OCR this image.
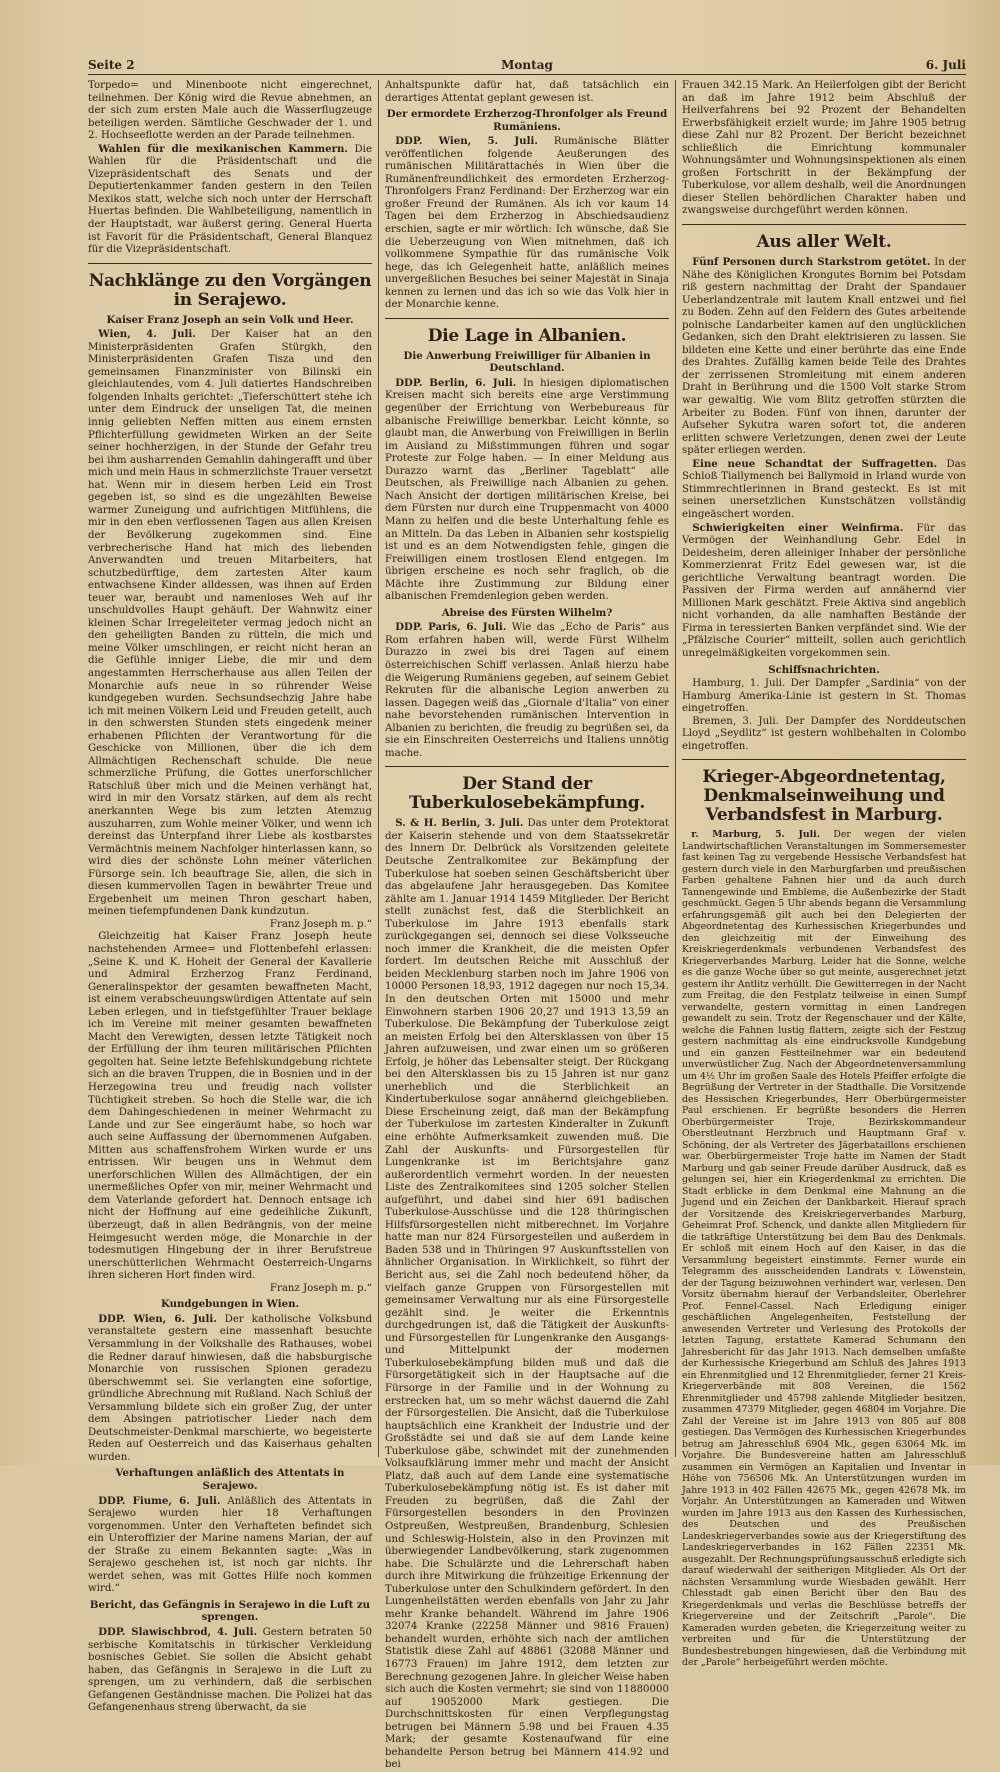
Seite 2	Montag	6. Juli

Torpedo= und Minenboote nicht eingerechnet, teilnehmen. Der König wird die Revue abnehmen, an der sich zum ersten Male auch die Wasserflugzeuge beteiligen werden. Sämtliche Geschwader der 1. und 2. Hochseeflotte werden an der Parade teilnehmen.

Wahlen für die mexikanischen Kammern. Die Wahlen für die Präsidentschaft und die Vizepräsidentschaft des Senats und der Deputiertenkammer fanden gestern in den Teilen Mexikos statt, welche sich noch unter der Herrschaft Huertas befinden. Die Wahlbeteiligung, namentlich in der Hauptstadt, war äußerst gering. General Huerta ist Favorit für die Präsidentschaft, General Blanquez für die Vizepräsidentschaft.

Nachklänge zu den Vorgängen in Serajewo.
Kaiser Franz Joseph an sein Volk und Heer.

Wien, 4. Juli. Der Kaiser hat an den Ministerpräsidenten Grafen Stürgkh, den Ministerpräsidenten Grafen Tisza und den gemeinsamen Finanzminister von Bilinski ein gleichlautendes, vom 4. Juli datiertes Handschreiben folgenden Inhalts gerichtet: „Tieferschüttert stehe ich unter dem Eindruck der unseligen Tat, die meinen innig geliebten Neffen mitten aus einem ernsten Pflichterfüllung gewidmeten Wirken an der Seite seiner hochherzigen, in der Stunde der Gefahr treu bei ihm ausharrenden Gemahlin dahingerafft und über mich und mein Haus in schmerzlichste Trauer versetzt hat. Wenn mir in diesem herben Leid ein Trost gegeben ist, so sind es die ungezählten Beweise warmer Zuneigung und aufrichtigen Mitfühlens, die mir in den eben verflossenen Tagen aus allen Kreisen der Bevölkerung zugekommen sind. Eine verbrecherische Hand hat mich des liebenden Anverwandten und treuen Mitarbeiters, hat schutzbedürftige, dem zartesten Alter kaum entwachsene Kinder alldessen, was ihnen auf Erden teuer war, beraubt und namenloses Weh auf ihr unschuldvolles Haupt gehäuft. Der Wahnwitz einer kleinen Schar Irregeleiteter vermag jedoch nicht an den geheiligten Banden zu rütteln, die mich und meine Völker umschlingen, er reicht nicht heran an die Gefühle inniger Liebe, die mir und dem angestammten Herrscherhause aus allen Teilen der Monarchie aufs neue in so rührender Weise kundgegeben wurden. Sechsundsechzig Jahre habe ich mit meinen Völkern Leid und Freuden geteilt, auch in den schwersten Stunden stets eingedenk meiner erhabenen Pflichten der Verantwortung für die Geschicke von Millionen, über die ich dem Allmächtigen Rechenschaft schulde. Die neue schmerzliche Prüfung, die Gottes unerforschlicher Ratschluß über mich und die Meinen verhängt hat, wird in mir den Vorsatz stärken, auf dem als recht anerkannten Wege bis zum letzten Atemzug auszuharren, zum Wohle meiner Völker, und wenn ich dereinst das Unterpfand ihrer Liebe als kostbarstes Vermächtnis meinem Nachfolger hinterlassen kann, so wird dies der schönste Lohn meiner väterlichen Fürsorge sein. Ich beauftrage Sie, allen, die sich in diesen kummervollen Tagen in bewährter Treue und Ergebenheit um meinen Thron geschart haben, meinen tiefempfundenen Dank kundzutun.

Franz Joseph m. p.“

Gleichzeitig hat Kaiser Franz Joseph heute nachstehenden Armee= und Flottenbefehl erlassen: „Seine K. und K. Hoheit der General der Kavallerie und Admiral Erzherzog Franz Ferdinand, Generalinspektor der gesamten bewaffneten Macht, ist einem verabscheuungswürdigen Attentate auf sein Leben erlegen, und in tiefstgefühlter Trauer beklage ich im Vereine mit meiner gesamten bewaffneten Macht den Verewigten, dessen letzte Tätigkeit noch der Erfüllung der ihm teuren militärischen Pflichten gegolten hat. Seine letzte Befehlskundgebung richtete sich an die braven Truppen, die in Bosnien und in der Herzegowina treu und freudig nach vollster Tüchtigkeit streben. So hoch die Stelle war, die ich dem Dahingeschiedenen in meiner Wehrmacht zu Lande und zur See eingeräumt habe, so hoch war auch seine Auffassung der übernommenen Aufgaben. Mitten aus schaffensfrohem Wirken wurde er uns entrissen. Wir beugen uns in Wehmut dem unerforschlichen Willen des Allmächtigen, der ein unermeßliches Opfer von mir, meiner Wehrmacht und dem Vaterlande gefordert hat. Dennoch entsage ich nicht der Hoffnung auf eine gedeihliche Zukunft, überzeugt, daß in allen Bedrängnis, von der meine Heimgesucht werden möge, die Monarchie in der todesmutigen Hingebung der in ihrer Berufstreue unerschütterlichen Wehrmacht Oesterreich-Ungarns ihren sicheren Hort finden wird.

Franz Joseph m. p.“

Kundgebungen in Wien.

DDP. Wien, 6. Juli. Der katholische Volksbund veranstaltete gestern eine massenhaft besuchte Versammlung in der Volkshalle des Rathauses, wobei die Redner darauf hinwiesen, daß die habsburgische Monarchie von russischen Spionen geradezu überschwemmt sei. Sie verlangten eine sofortige, gründliche Abrechnung mit Rußland. Nach Schluß der Versammlung bildete sich ein großer Zug, der unter dem Absingen patriotischer Lieder nach dem Deutschmeister-Denkmal marschierte, wo begeisterte Reden auf Oesterreich und das Kaiserhaus gehalten wurden.

Verhaftungen anläßlich des Attentats in Serajewo.

DDP. Fiume, 6. Juli. Anläßlich des Attentats in Serajewo wurden hier 18 Verhaftungen vorgenommen. Unter den Verhafteten befindet sich ein Unteroffizier der Marine namens Marian, der auf der Straße zu einem Bekannten sagte: „Was in Serajewo geschehen ist, ist noch gar nichts. Ihr werdet sehen, was mit Gottes Hilfe noch kommen wird.“

Bericht, das Gefängnis in Serajewo in die Luft zu sprengen.

DDP. Slawischbrod, 4. Juli. Gestern betraten 50 serbische Komitatschis in türkischer Verkleidung bosnisches Gebiet. Sie sollen die Absicht gehabt haben, das Gefängnis in Serajewo in die Luft zu sprengen, um zu verhindern, daß die serbischen Gefangenen Geständnisse machen. Die Polizei hat das Gefangenenhaus streng überwacht, da sie

Anhaltspunkte dafür hat, daß tatsächlich ein derartiges Attentat geplant gewesen ist.

Der ermordete Erzherzog-Thronfolger als Freund Rumäniens.

DDP. Wien, 5. Juli. Rumänische Blätter veröffentlichen folgende Aeußerungen des rumänischen Militärattachés in Wien über die Rumänenfreundlichkeit des ermordeten Erzherzog-Thronfolgers Franz Ferdinand: Der Erzherzog war ein großer Freund der Rumänen. Als ich vor kaum 14 Tagen bei dem Erzherzog in Abschiedsaudienz erschien, sagte er mir wörtlich: Ich wünsche, daß Sie die Ueberzeugung von Wien mitnehmen, daß ich vollkommene Sympathie für das rumänische Volk hege, das ich Gelegenheit hatte, anläßlich meines unvergeßlichen Besuches bei seiner Majestät in Sinaja kennen zu lernen und das ich so wie das Volk hier in der Monarchie kenne.

Die Lage in Albanien.
Die Anwerbung Freiwilliger für Albanien in Deutschland.

DDP. Berlin, 6. Juli. In hiesigen diplomatischen Kreisen macht sich bereits eine arge Verstimmung gegenüber der Errichtung von Werbebureaus für albanische Freiwillige bemerkbar. Leicht könnte, so glaubt man, die Anwerbung von Freiwilligen in Berlin im Ausland zu Mißstimmungen führen und sogar Proteste zur Folge haben. — In einer Meldung aus Durazzo warnt das „Berliner Tageblatt“ alle Deutschen, als Freiwillige nach Albanien zu gehen. Nach Ansicht der dortigen militärischen Kreise, bei dem Fürsten nur durch eine Truppenmacht von 4000 Mann zu helfen und die beste Unterhaltung fehle es an Mitteln. Da das Leben in Albanien sehr kostspielig ist und es an dem Notwendigsten fehle, gingen die Freiwilligen einem trostlosen Elend entgegen. Im übrigen erscheine es noch sehr fraglich, ob die Mächte ihre Zustimmung zur Bildung einer albanischen Fremdenlegion geben werden.

Abreise des Fürsten Wilhelm?

DDP. Paris, 6. Juli. Wie das „Echo de Paris“ aus Rom erfahren haben will, werde Fürst Wilhelm Durazzo in zwei bis drei Tagen auf einem österreichischen Schiff verlassen. Anlaß hierzu habe die Weigerung Rumäniens gegeben, auf seinem Gebiet Rekruten für die albanische Legion anwerben zu lassen. Dagegen weiß das „Giornale d'Italia“ von einer nahe bevorstehenden rumänischen Intervention in Albanien zu berichten, die freudig zu begrüßen sei, da sie ein Einschreiten Oesterreichs und Italiens unnötig mache.

Der Stand der Tuberkulosebekämpfung.

S. & H. Berlin, 3. Juli. Das unter dem Protektorat der Kaiserin stehende und von dem Staatssekretär des Innern Dr. Delbrück als Vorsitzenden geleitete Deutsche Zentralkomitee zur Bekämpfung der Tuberkulose hat soeben seinen Geschäftsbericht über das abgelaufene Jahr herausgegeben. Das Komitee zählte am 1. Januar 1914 1459 Mitglieder. Der Bericht stellt zunächst fest, daß die Sterblichkeit an Tuberkulose im Jahre 1913 ebenfalls stark zurückgegangen sei, dennoch sei diese Volksseuche noch immer die Krankheit, die die meisten Opfer fordert. Im deutschen Reiche mit Ausschluß der beiden Mecklenburg starben noch im Jahre 1906 von 10000 Personen 18,93, 1912 dagegen nur noch 15,34. In den deutschen Orten mit 15000 und mehr Einwohnern starben 1906 20,27 und 1913 13,59 an Tuberkulose. Die Bekämpfung der Tuberkulose zeigt an meisten Erfolg bei den Altersklassen von über 15 Jahren aufzuweisen, und zwar einen um so größeren Erfolg, je höher das Lebensalter steigt. Der Rückgang bei den Altersklassen bis zu 15 Jahren ist nur ganz unerheblich und die Sterblichkeit an Kindertuberkulose sogar annähernd gleichgeblieben. Diese Erscheinung zeigt, daß man der Bekämpfung der Tuberkulose im zartesten Kinderalter in Zukunft eine erhöhte Aufmerksamkeit zuwenden muß. Die Zahl der Auskunfts- und Fürsorgestellen für Lungenkranke ist im Berichtsjahre ganz außerordentlich vermehrt worden. In der neuesten Liste des Zentralkomitees sind 1205 solcher Stellen aufgeführt, und dabei sind hier 691 badischen Tuberkulose-Ausschüsse und die 128 thüringischen Hilfsfürsorgestellen nicht mitberechnet. Im Vorjahre hatte man nur 824 Fürsorgestellen und außerdem in Baden 538 und in Thüringen 97 Auskunftsstellen von ähnlicher Organisation. In Wirklichkeit, so führt der Bericht aus, sei die Zahl noch bedeutend höher, da vielfach ganze Gruppen von Fürsorgestellen mit gemeinsamer Verwaltung nur als eine Fürsorgestelle gezählt sind. Je weiter die Erkenntnis durchgedrungen ist, daß die Tätigkeit der Auskunfts- und Fürsorgestellen für Lungenkranke den Ausgangs- und Mittelpunkt der modernen Tuberkulosebekämpfung bilden muß und daß die Fürsorgetätigkeit sich in der Hauptsache auf die Fürsorge in der Familie und in der Wohnung zu erstrecken hat, um so mehr wächst dauernd die Zahl der Fürsorgestellen. Die Ansicht, daß die Tuberkulose hauptsächlich eine Krankheit der Industrie und der Großstädte sei und daß sie auf dem Lande keine Tuberkulose gäbe, schwindet mit der zunehmenden Volksaufklärung immer mehr und macht der Ansicht Platz, daß auch auf dem Lande eine systematische Tuberkulosebekämpfung nötig ist. Es ist daher mit Freuden zu begrüßen, daß die Zahl der Fürsorgestellen besonders in den Provinzen Ostpreußen, Westpreußen, Brandenburg, Schlesien und Schleswig-Holstein, also in den Provinzen mit überwiegender Landbevölkerung, stark zugenommen habe. Die Schulärzte und die Lehrerschaft haben durch ihre Mitwirkung die frühzeitige Erkennung der Tuberkulose unter den Schulkindern gefördert. In den Lungenheilstätten werden ebenfalls von Jahr zu Jahr mehr Kranke behandelt. Während im Jahre 1906 32074 Kranke (22258 Männer und 9816 Frauen) behandelt wurden, erhöhte sich nach der amtlichen Statistik diese Zahl auf 48861 (32088 Männer und 16773 Frauen) im Jahre 1912, dem letzten zur Berechnung gezogenen Jahre. In gleicher Weise haben sich auch die Kosten vermehrt; sie sind von 11880000 auf 19052000 Mark gestiegen. Die Durchschnittskosten für einen Verpflegungstag betrugen bei Männern 5.98 und bei Frauen 4.35 Mark; der gesamte Kostenaufwand für eine behandelte Person betrug bei Männern 414.92 und bei

Frauen 342.15 Mark. An Heilerfolgen gibt der Bericht an daß im Jahre 1912 beim Abschluß der Heilverfahrens bei 92 Prozent der Behandelten Erwerbsfähigkeit erzielt wurde; im Jahre 1905 betrug diese Zahl nur 82 Prozent. Der Bericht bezeichnet schließlich die Einrichtung kommunaler Wohnungsämter und Wohnungsinspektionen als einen großen Fortschritt in der Bekämpfung der Tuberkulose, vor allem deshalb, weil die Anordnungen dieser Stellen behördlichen Charakter haben und zwangsweise durchgeführt werden können.

Aus aller Welt.

Fünf Personen durch Starkstrom getötet. In der Nähe des Königlichen Krongutes Bornim bei Potsdam riß gestern nachmittag der Draht der Spandauer Ueberlandzentrale mit lautem Knall entzwei und fiel zu Boden. Zehn auf den Feldern des Gutes arbeitende polnische Landarbeiter kamen auf den unglücklichen Gedanken, sich den Draht elektrisieren zu lassen. Sie bildeten eine Kette und einer berührte das eine Ende des Drahtes. Zufällig kamen beide Teile des Drahtes der zerrissenen Stromleitung mit einem anderen Draht in Berührung und die 1500 Volt starke Strom war gewaltig. Wie vom Blitz getroffen stürzten die Arbeiter zu Boden. Fünf von ihnen, darunter der Aufseher Sykutra waren sofort tot, die anderen erlitten schwere Verletzungen, denen zwei der Leute später erliegen werden.

Eine neue Schandtat der Suffragetten. Das Schloß Tiallymench bei Ballymoid in Irland wurde von Stimmrechtlerinnen in Brand gesteckt. Es ist mit seinen unersetzlichen Kunstschätzen vollständig eingeäschert worden.

Schwierigkeiten einer Weinfirma. Für das Vermögen der Weinhandlung Gebr. Edel in Deidesheim, deren alleiniger Inhaber der persönliche Kommerzienrat Fritz Edel gewesen war, ist die gerichtliche Verwaltung beantragt worden. Die Passiven der Firma werden auf annähernd vier Millionen Mark geschätzt. Freie Aktiva sind angeblich nicht vorhanden, da alle namhaften Bestände der Firma in teressierten Banken verpfändet sind. Wie der „Pfälzische Courier“ mitteilt, sollen auch gerichtlich unregelmäßigkeiten vorgekommen sein.

Schiffsnachrichten.

Hamburg, 1. Juli. Der Dampfer „Sardinia“ von der Hamburg Amerika-Linie ist gestern in St. Thomas eingetroffen.

Bremen, 3. Juli. Der Dampfer des Norddeutschen Lloyd „Seydlitz“ ist gestern wohlbehalten in Colombo eingetroffen.

Krieger-Abgeordnetentag, Denkmalseinweihung und Verbandsfest in Marburg.

r. Marburg, 5. Juli. Der wegen der vielen Landwirtschaftlichen Veranstaltungen im Sommersemester fast keinen Tag zu vergebende Hessische Verbandsfest hat gestern durch viele in den Marburgfarben und preußischen Farben gehaltene Fahnen hier und da auch durch Tannengewinde und Embleme, die Außenbezirke der Stadt geschmückt. Gegen 5 Uhr abends begann die Versammlung erfahrungsgemäß gilt auch bei den Delegierten der Abgeordnetentag des Kurhessischen Kriegerbundes und den gleichzeitig mit der Einweihung des Kreiskriegerdenkmals verbundenen Verbandsfest des Kriegerverbandes Marburg. Leider hat die Sonne, welche es die ganze Woche über so gut meinte, ausgerechnet jetzt gestern ihr Antlitz verhüllt. Die Gewitterregen in der Nacht zum Freitag, die den Festplatz teilweise in einen Sumpf verwandelte, gestern vormittag in einen Landregen gewandelt zu sein. Trotz der Regenschauer und der Kälte, welche die Fahnen lustig flattern, zeigte sich der Festzug gestern nachmittag als eine eindrucksvolle Kundgebung und ein ganzen Festteilnehmer war ein bedeutend unverwüstlicher Zug. Nach der Abgeordnetenversammlung um 4½ Uhr im großen Saale des Hotels Pfeiffer erfolgte die Begrüßung der Vertreter in der Stadthalle. Die Vorsitzende des Hessischen Kriegerbundes, Herr Oberbürgermeister Paul erschienen. Er begrüßte besonders die Herren Oberbürgermeister Troje, Bezirkskommandeur Oberstleutnant Herzbruch und Hauptmann Graf v. Schöning, der als Vertreter des Jägerbataillons erschienen war. Oberbürgermeister Troje hatte im Namen der Stadt Marburg und gab seiner Freude darüber Ausdruck, daß es gelungen sei, hier ein Kriegerdenkmal zu errichten. Die Stadt erblicke in dem Denkmal eine Mahnung an die Jugend und ein Zeichen der Dankbarkeit. Hierauf sprach der Vorsitzende des Kreiskriegerverbandes Marburg, Geheimrat Prof. Schenck, und dankte allen Mitgliedern für die tatkräftige Unterstützung bei dem Bau des Denkmals. Er schloß mit einem Hoch auf den Kaiser, in das die Versammlung begeistert einstimmte. Ferner wurde ein Telegramm des ausscheidenden Landrats v. Löwenstein, der der Tagung beizuwohnen verhindert war, verlesen. Den Vorsitz übernahm hierauf der Verbandsleiter, Oberlehrer Prof. Fennel-Cassel. Nach Erledigung einiger geschäftlichen Angelegenheiten, Feststellung der anwesenden Vertreter und Verlesung des Protokolls der letzten Tagung, erstattete Kamerad Schumann den Jahresbericht für das Jahr 1913. Nach demselben umfaßte der Kurhessische Kriegerbund am Schluß des Jahres 1913 ein Ehrenmitglied und 12 Ehrenmitglieder, ferner 21 Kreis-Kriegerverbände mit 808 Vereinen, die 1562 Ehrenmitglieder und 45798 zahlende Mitglieder besitzen, zusammen 47379 Mitglieder, gegen 46804 im Vorjahre. Die Zahl der Vereine ist im Jahre 1913 von 805 auf 808 gestiegen. Das Vermögen des Kurhessischen Kriegerbundes betrug am Jahresschluß 6904 Mk., gegen 63064 Mk. im Vorjahre. Die Bundesvereine hatten am Jahresschluß zusammen ein Vermögen an Kapitalien und Inventar in Höhe von 756506 Mk. An Unterstützungen wurden im Jahre 1913 in 402 Fällen 42675 Mk., gegen 42678 Mk. im Vorjahr. An Unterstützungen an Kameraden und Witwen wurden im Jahre 1913 aus den Kassen des Kurhessischen, des Deutschen und des Preußischen Landeskriegerverbandes sowie aus der Kriegerstiftung des Landeskriegerverbandes in 162 Fällen 22351 Mk. ausgezahlt. Der Rechnungsprüfungsausschuß erledigte sich darauf wiederwahl der seitherigen Mitglieder. Als Ort der nächsten Versammlung wurde Wiesbaden gewählt. Herr Chlesstadt gab einen Bericht über den Bau des Kriegerdenkmals und verlas die Beschlüsse betreffs der Kriegervereine und der Zeitschrift „Parole“. Die Kameraden wurden gebeten, die Kriegerzeitung weiter zu verbreiten und für die Unterstützung der Bundesbestrebungen hingewiesen, daß die Verbindung mit der „Parole“ herbeigeführt werden möchte.
